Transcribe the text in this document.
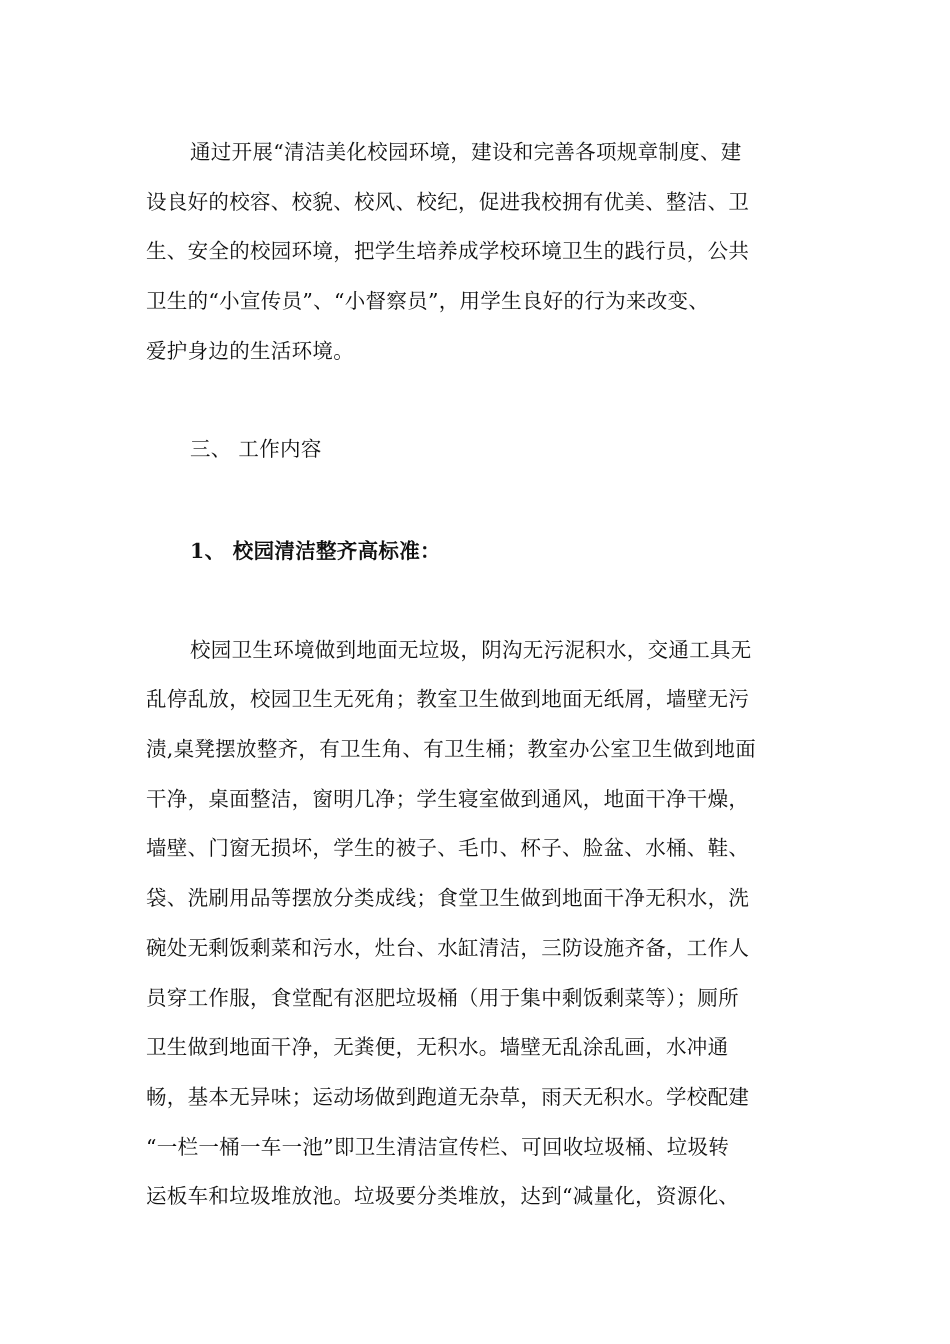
通过开展“清洁美化校园环境，建设和完善各项规章制度、建
设良好的校容、校貌、校风、校纪，促进我校拥有优美、整洁、卫
生、安全的校园环境，把学生培养成学校环境卫生的践行员，公共
卫生的“小宣传员”、“小督察员”，用学生良好的行为来改变、
爱护身边的生活环境。
三、 工作内容
1、 校园清洁整齐高标准：
校园卫生环境做到地面无垃圾，阴沟无污泥积水，交通工具无
乱停乱放，校园卫生无死角；教室卫生做到地面无纸屑，墙壁无污
渍,桌凳摆放整齐，有卫生角、有卫生桶；教室办公室卫生做到地面
干净，桌面整洁，窗明几净；学生寝室做到通风，地面干净干燥，
墙壁、门窗无损坏，学生的被子、毛巾、杯子、脸盆、水桶、鞋、
袋、洗刷用品等摆放分类成线；食堂卫生做到地面干净无积水，洗
碗处无剩饭剩菜和污水，灶台、水缸清洁，三防设施齐备，工作人
员穿工作服，食堂配有沤肥垃圾桶（用于集中剩饭剩菜等）；厕所
卫生做到地面干净，无粪便，无积水。墙壁无乱涂乱画，水冲通
畅，基本无异味；运动场做到跑道无杂草，雨天无积水。学校配建
“一栏一桶一车一池”即卫生清洁宣传栏、可回收垃圾桶、垃圾转
运板车和垃圾堆放池。垃圾要分类堆放，达到“减量化，资源化、
